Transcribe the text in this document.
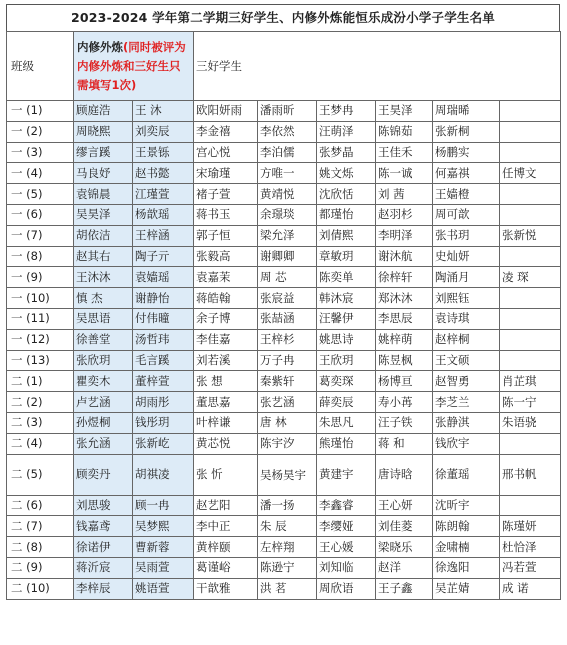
2023-2024 学年第二学期三好学生、内修外炼能恒乐成汾小学子学生名单
班级	内修外炼(同时被评为内修外炼和三好生只需填写1次)		三好学生					
一 (1)	顾庭浩	王 沐	欧阳妍雨	潘雨昕	王梦冉	王昊泽	周瑞晞	
一 (2)	周晓熙	刘奕辰	李金禧	李依然	汪萌泽	陈锦茹	张新桐	
一 (3)	缪言蹊	王景铄	宫心悦	李泊儒	张梦晶	王佳禾	杨鹏实	
一 (4)	马良妤	赵书懿	宋瑜瑾	方唯一	姚文烁	陈一诚	何嘉祺	任博文
一 (5)	袁锦晨	江瑾萱	褚子萱	黄靖悦	沈欣恬	刘 茜	王嫱橙	
一 (6)	吴昊泽	杨歆瑶	蒋书玉	余璟琰	都瑾怡	赵羽杉	周可歆	
一 (7)	胡依洁	王梓涵	郭子恒	梁允泽	刘倩熙	李明泽	张书玥	张新悦
一 (8)	赵其右	陶子亓	张毅高	谢卿卿	章敏玥	谢沐航	史灿妍	
一 (9)	王沐沐	袁嫱瑶	袁嘉茉	周 芯	陈奕单	徐梓轩	陶涌月	凌 琛
一 (10)	慎 杰	谢静怡	蒋皓翰	张宸益	韩沐宸	郑沐沐	刘熙钰	
一 (11)	吴思语	付伟曈	余子博	张喆涵	汪馨伊	李思辰	袁诗琪	
一 (12)	徐善堂	汤哲玮	李佳嘉	王梓杉	姚思诗	姚梓萌	赵梓桐	
一 (13)	张欣玥	毛言蹊	刘若溪	万子冉	王欣玥	陈昱枫	王文硕	
二 (1)	瞿奕木	董梓萱	张 想	秦紫轩	葛奕琛	杨博亘	赵智勇	肖芷琪
二 (2)	卢艺涵	胡雨彤	董思嘉	张艺涵	薛奕辰	寿小苒	李芝兰	陈一宁
二 (3)	孙煜桐	钱彤玥	叶梓谦	唐 林	朱思凡	汪子铁	张静淇	朱语骁
二 (4)	张允涵	张新屹	黄芯悦	陈宇汐	熊瑾怡	蒋 和	钱欣宇	
二 (5)	顾奕丹	胡祺凌	张 忻	吴杨昊宇	黄建宇	唐诗晗	徐董瑶	邢书帆
二 (6)	刘思骏	顾一冉	赵艺阳	潘一扬	李鑫睿	王心妍	沈昕宇	
二 (7)	钱嘉鸢	吴梦熙	李中正	朱 辰	李缨娅	刘佳菱	陈朗翰	陈瑾妍
二 (8)	徐诺伊	曹新蓉	黄梓颐	左梓翔	王心媛	梁晓乐	金啸楠	杜恰泽
二 (9)	蒋沂宸	吴雨萱	葛谨峪	陈逊宁	刘知临	赵洋	徐逸阳	冯若萱
二 (10)	李梓辰	姚语萱	干歆雅	洪 茗	周欣语	王子鑫	吴芷婧	成 诺
